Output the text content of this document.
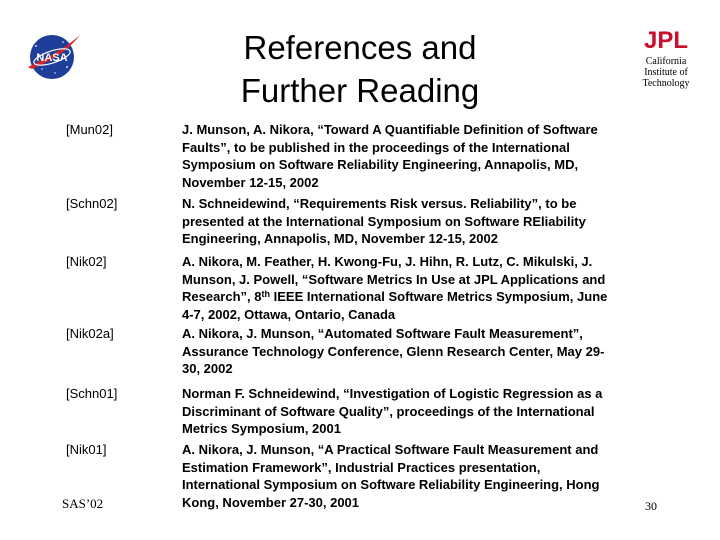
NASA
JPL
California
Institute of
Technology
References and
Further Reading
[Mun02]	J. Munson, A. Nikora, “Toward A Quantifiable Definition of Software
Faults”, to be published in the proceedings of the International
Symposium on Software Reliability Engineering, Annapolis, MD,
November 12-15, 2002
[Schn02]	N. Schneidewind, “Requirements Risk versus. Reliability”, to be
presented at the International Symposium on Software REliability
Engineering, Annapolis, MD, November 12-15, 2002
[Nik02]	A. Nikora, M. Feather, H. Kwong-Fu, J. Hihn, R. Lutz, C. Mikulski, J.
Munson, J. Powell, “Software Metrics In Use at JPL Applications and
Research”, 8th IEEE International Software Metrics Symposium, June
4-7, 2002, Ottawa, Ontario, Canada
[Nik02a]	A. Nikora, J. Munson, “Automated Software Fault Measurement”,
Assurance Technology Conference, Glenn Research Center, May 29-
30, 2002
[Schn01]	Norman F. Schneidewind, “Investigation of Logistic Regression as a
Discriminant of Software Quality”, proceedings of the International
Metrics Symposium, 2001
[Nik01]	A. Nikora, J. Munson, “A Practical Software Fault Measurement and
Estimation Framework”, Industrial Practices presentation,
International Symposium on Software Reliability Engineering, Hong
Kong, November 27-30, 2001
SAS’02	30
